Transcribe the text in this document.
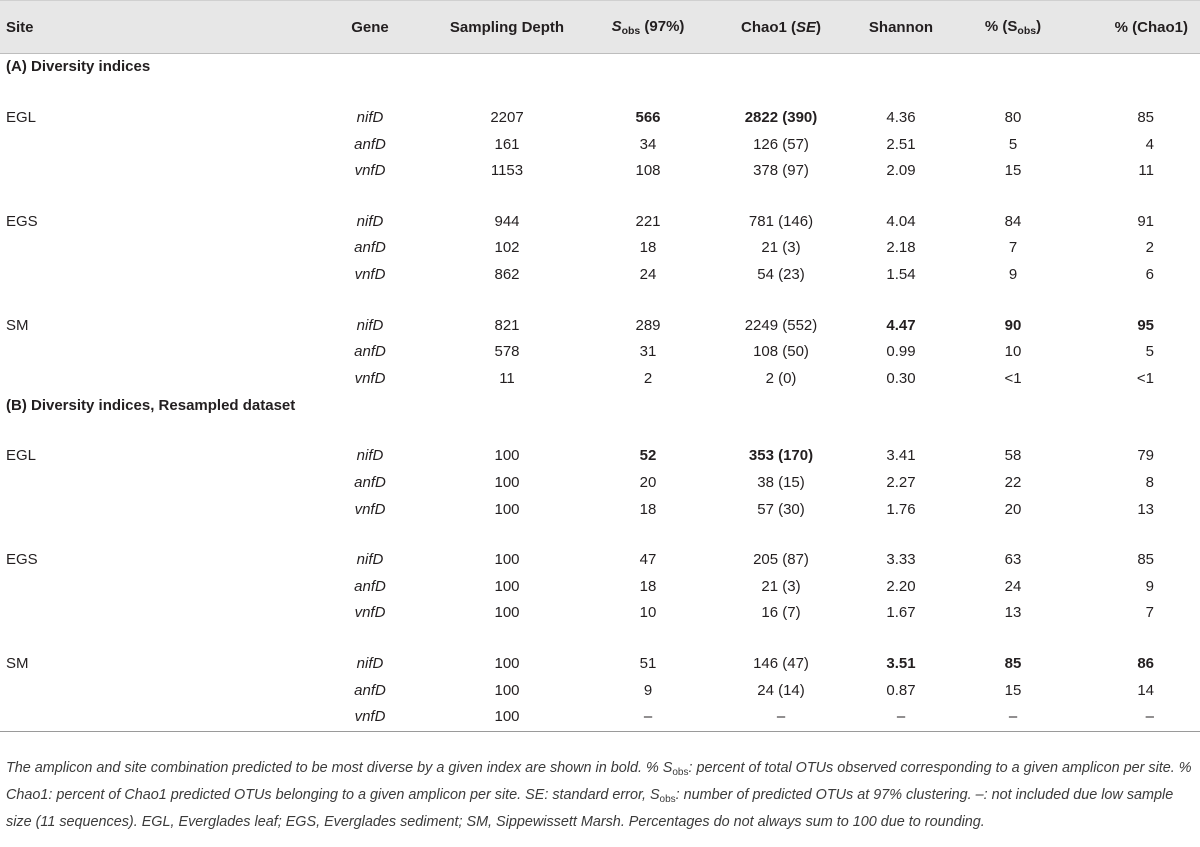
Site	Gene	Sampling Depth	$S_{obs}$ (97%)	Chao1 (SE)	Shannon	% $(S_{obs})$	% (Chao1)
(A) Diversity indices							

EGL	nifD	2207	566	2822 (390)	4.36	80	85
	anfD	161	34	126 (57)	2.51	5	4
	vnfD	1153	108	378 (97)	2.09	15	11

EGS	nifD	944	221	781 (146)	4.04	84	91
	anfD	102	18	21 (3)	2.18	7	2
	vnfD	862	24	54 (23)	1.54	9	6

SM	nifD	821	289	2249 (552)	4.47	90	95
	anfD	578	31	108 (50)	0.99	10	5
	vnfD	11	2	2 (0)	0.30	<1	<1
(B) Diversity indices, Resampled dataset							

EGL	nifD	100	52	353 (170)	3.41	58	79
	anfD	100	20	38 (15)	2.27	22	8
	vnfD	100	18	57 (30)	1.76	20	13

EGS	nifD	100	47	205 (87)	3.33	63	85
	anfD	100	18	21 (3)	2.20	24	9
	vnfD	100	10	16 (7)	1.67	13	7

SM	nifD	100	51	146 (47)	3.51	85	86
	anfD	100	9	24 (14)	0.87	15	14
	vnfD	100	–	–	–	–	–
The amplicon and site combination predicted to be most diverse by a given index are shown in bold. % $S_{obs}$: percent of total OTUs observed corresponding to a given amplicon per site. % Chao1: percent of Chao1 predicted OTUs belonging to a given amplicon per site. SE: standard error, $S_{obs}$: number of predicted OTUs at 97% clustering. –: not included due low sample size (11 sequences). EGL, Everglades leaf; EGS, Everglades sediment; SM, Sippewissett Marsh. Percentages do not always sum to 100 due to rounding.
